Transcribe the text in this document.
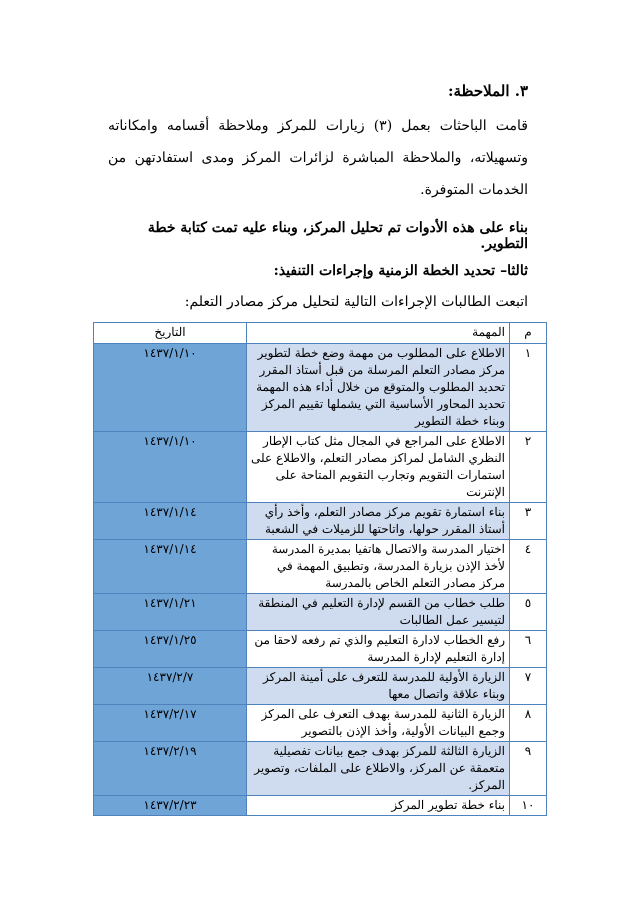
٣. الملاحظة:
قامت الباحثات بعمل (٣) زيارات للمركز وملاحظة أقسامه وامكاناته وتسهيلاته، والملاحظة المباشرة لزائرات المركز ومدى استفادتهن من الخدمات المتوفرة.
بناء على هذه الأدوات تم تحليل المركز، وبناء عليه تمت كتابة خطة التطوير.
ثالثا– تحديد الخطة الزمنية وإجراءات التنفيذ:
اتبعت الطالبات الإجراءات التالية لتحليل مركز مصادر التعلم:
م	المهمة	التاريخ
١	الاطلاع على المطلوب من مهمة وضع خطة لتطوير مركز مصادر التعلم المرسلة من قبل أستاذ المقرر تحديد المطلوب والمتوقع من خلال أداء هذه المهمة تحديد المحاور الأساسية التي يشملها تقييم المركز وبناء خطة التطوير	١٤٣٧/١/١٠
٢	الاطلاع على المراجع في المجال مثل كتاب الإطار النظري الشامل لمراكز مصادر التعلم، والاطلاع على استمارات التقويم وتجارب التقويم المتاحة على الإنترنت	١٤٣٧/١/١٠
٣	بناء استمارة تقويم مركز مصادر التعلم، وأخذ رأي أستاذ المقرر حولها، واتاحتها للزميلات في الشعبة	١٤٣٧/١/١٤
٤	اختيار المدرسة والاتصال هاتفيا بمديرة المدرسة لأخذ الإذن بزيارة المدرسة، وتطبيق المهمة في مركز مصادر التعلم الخاص بالمدرسة	١٤٣٧/١/١٤
٥	طلب خطاب من القسم لإدارة التعليم في المنطقة لتيسير عمل الطالبات	١٤٣٧/١/٢١
٦	رفع الخطاب لادارة التعليم والذي تم رفعه لاحقا من إدارة التعليم لإدارة المدرسة	١٤٣٧/١/٢٥
٧	الزيارة الأولية للمدرسة للتعرف على أمينة المركز وبناء علاقة واتصال معها	١٤٣٧/٢/٧
٨	الزيارة الثانية للمدرسة بهدف التعرف على المركز وجمع البيانات الأولية، وأخذ الإذن بالتصوير	١٤٣٧/٢/١٧
٩	الزيارة الثالثة للمركز بهدف جمع بيانات تفصيلية متعمقة عن المركز، والاطلاع على الملفات، وتصوير المركز.	١٤٣٧/٢/١٩
١٠	بناء خطة تطوير المركز	١٤٣٧/٢/٢٣
